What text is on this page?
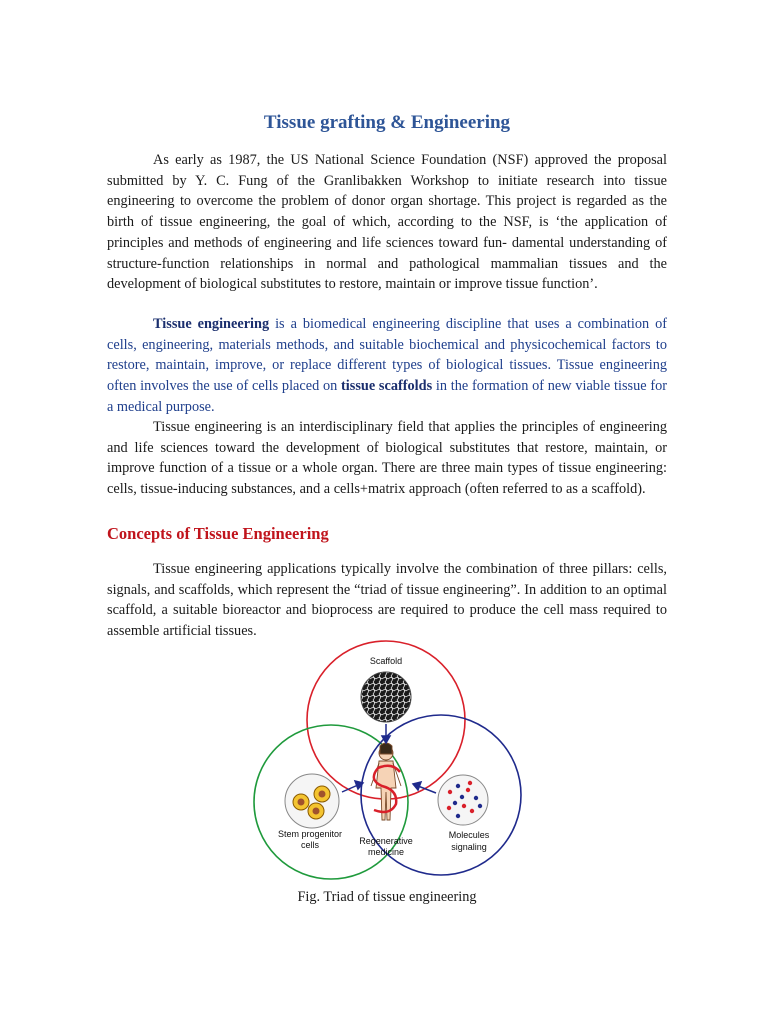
Tissue grafting & Engineering

As early as 1987, the US National Science Foundation (NSF) approved the proposal submitted by Y. C. Fung of the Granlibakken Workshop to initiate research into tissue engineering to overcome the problem of donor organ shortage. This project is regarded as the birth of tissue engineering, the goal of which, according to the NSF, is ‘the application of principles and methods of engineering and life sciences toward fun- damental understanding of structure-function relationships in normal and pathological mammalian tissues and the development of biological substitutes to restore, maintain or improve tissue function’.

Tissue engineering is a biomedical engineering discipline that uses a combination of cells, engineering, materials methods, and suitable biochemical and physicochemical factors to restore, maintain, improve, or replace different types of biological tissues. Tissue engineering often involves the use of cells placed on tissue scaffolds in the formation of new viable tissue for a medical purpose.

Tissue engineering is an interdisciplinary field that applies the principles of engineering and life sciences toward the development of biological substitutes that restore, maintain, or improve function of a tissue or a whole organ. There are three main types of tissue engineering: cells, tissue-inducing substances, and a cells+matrix approach (often referred to as a scaffold).

Concepts of Tissue Engineering

Tissue engineering applications typically involve the combination of three pillars: cells, signals, and scaffolds, which represent the “triad of tissue engineering”. In addition to an optimal scaffold, a suitable bioreactor and bioprocess are required to produce the cell mass required to assemble artificial tissues.

Fig. Triad of tissue engineering

Scaffold
Stem progenitor
cells
Molecules
signaling
Regenerative
medicine
